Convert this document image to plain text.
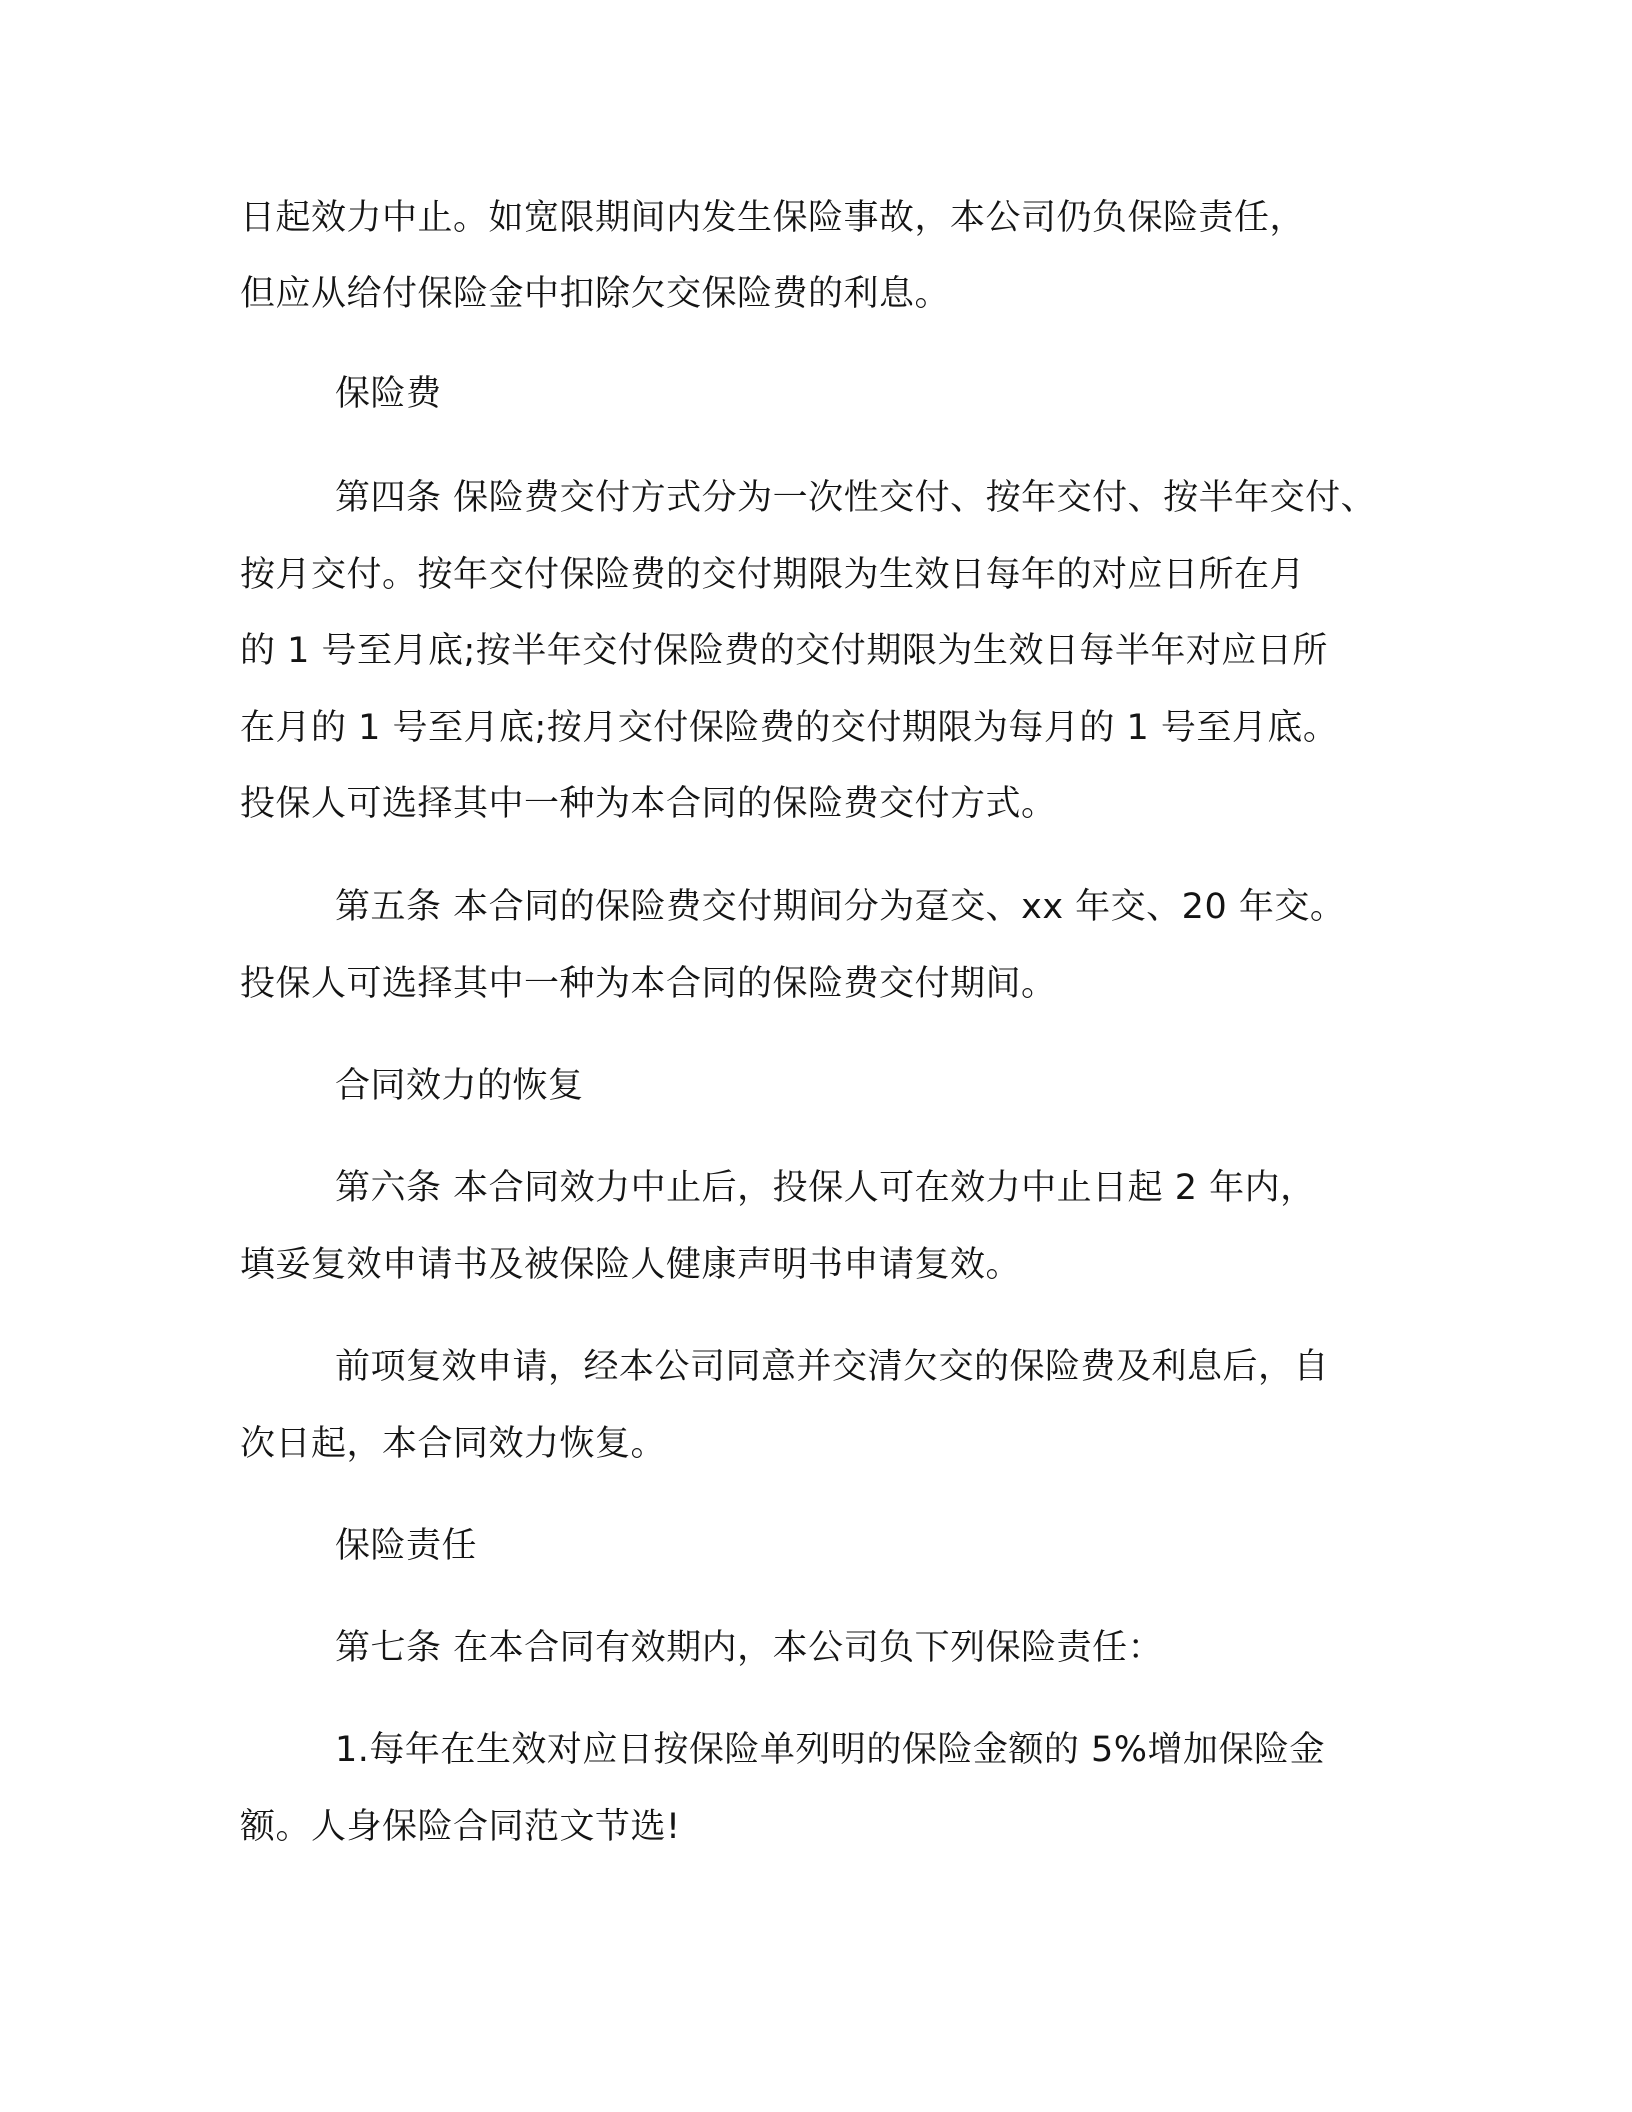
日起效力中止。如宽限期间内发生保险事故，本公司仍负保险责任，
但应从给付保险金中扣除欠交保险费的利息。
保险费
第四条 保险费交付方式分为一次性交付、按年交付、按半年交付、
按月交付。按年交付保险费的交付期限为生效日每年的对应日所在月
的 1 号至月底;按半年交付保险费的交付期限为生效日每半年对应日所
在月的 1 号至月底;按月交付保险费的交付期限为每月的 1 号至月底。
投保人可选择其中一种为本合同的保险费交付方式。
第五条 本合同的保险费交付期间分为趸交、xx 年交、20 年交。
投保人可选择其中一种为本合同的保险费交付期间。
合同效力的恢复
第六条 本合同效力中止后，投保人可在效力中止日起 2 年内，
填妥复效申请书及被保险人健康声明书申请复效。
前项复效申请，经本公司同意并交清欠交的保险费及利息后，自
次日起，本合同效力恢复。
保险责任
第七条 在本合同有效期内，本公司负下列保险责任：
1.每年在生效对应日按保险单列明的保险金额的 5%增加保险金
额。人身保险合同范文节选!
